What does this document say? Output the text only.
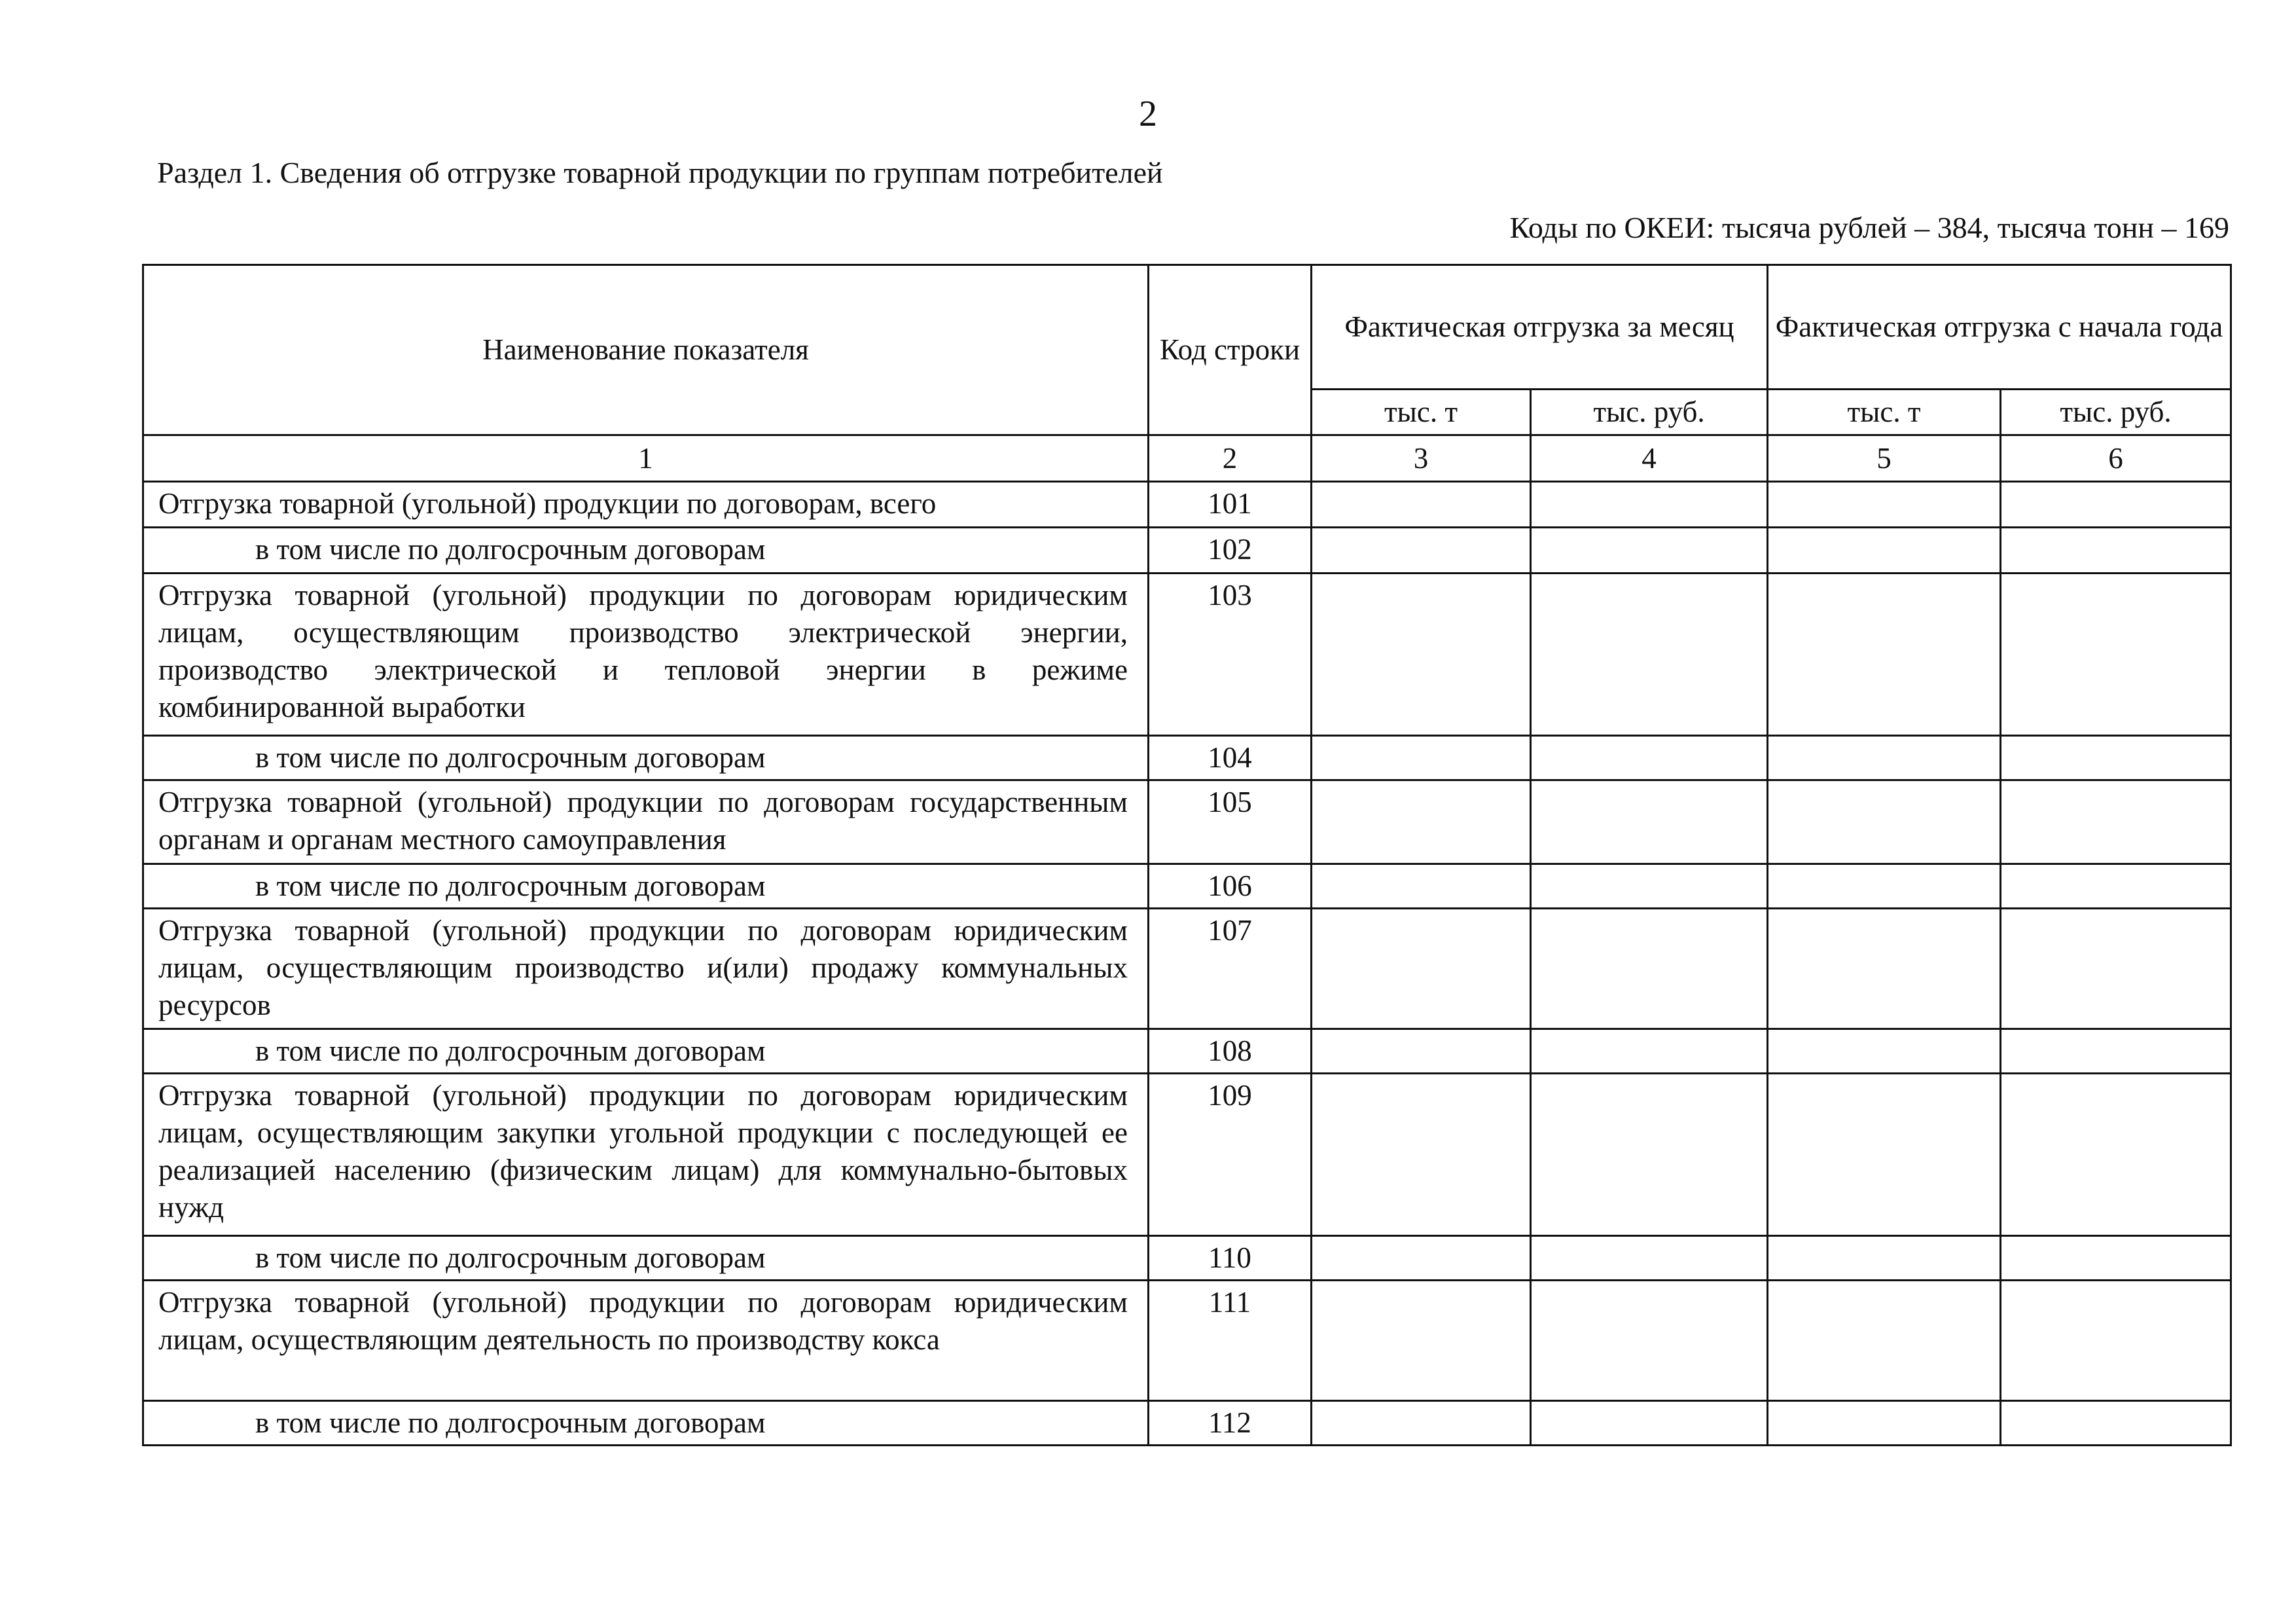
2
Раздел 1. Сведения об отгрузке товарной продукции по группам потребителей
Коды по ОКЕИ: тысяча рублей – 384, тысяча тонн – 169
Наименование показателя	Код строки	Фактическая отгрузка за месяц		Фактическая отгрузка с начала года	
		тыс. т	тыс. руб.	тыс. т	тыс. руб.
1	2	3	4	5	6
Отгрузка товарной (угольной) продукции по договорам, всего	101				
в том числе по долгосрочным договорам	102				
Отгрузка товарной (угольной) продукции по договорам юридическим лицам, осуществляющим производство электрической энергии, производство электрической и тепловой энергии в режиме комбинированной выработки	103				
в том числе по долгосрочным договорам	104				
Отгрузка товарной (угольной) продукции по договорам государственным органам и органам местного самоуправления	105				
в том числе по долгосрочным договорам	106				
Отгрузка товарной (угольной) продукции по договорам юридическим лицам, осуществляющим производство и(или) продажу коммунальных ресурсов	107				
в том числе по долгосрочным договорам	108				
Отгрузка товарной (угольной) продукции по договорам юридическим лицам, осуществляющим закупки угольной продукции с последующей ее реализацией населению (физическим лицам) для коммунально-бытовых нужд	109				
в том числе по долгосрочным договорам	110				
Отгрузка товарной (угольной) продукции по договорам юридическим лицам, осуществляющим деятельность по производству кокса	111				
в том числе по долгосрочным договорам	112				
